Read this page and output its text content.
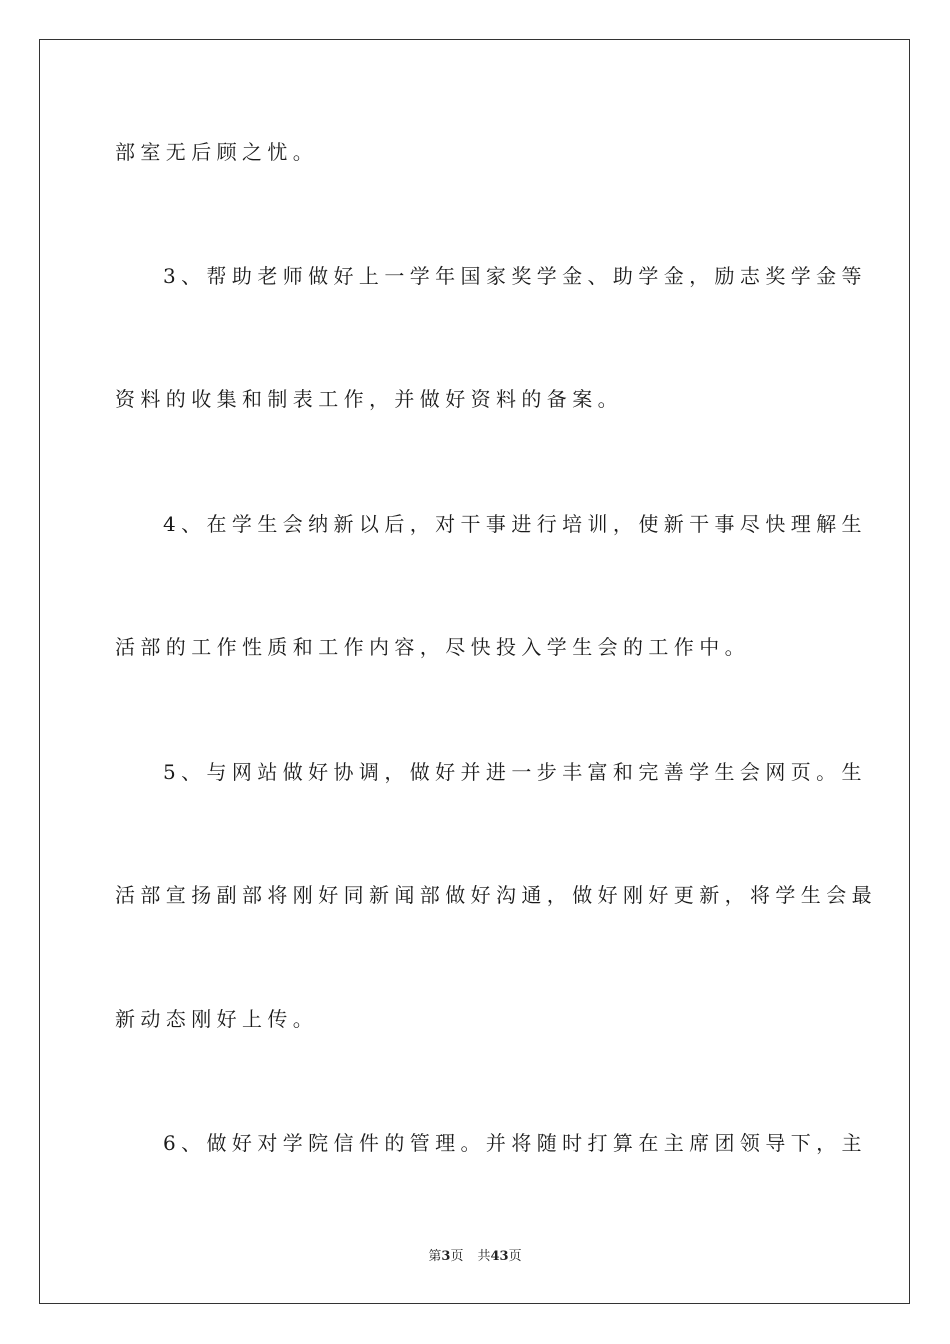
部室无后顾之忧。

3、帮助老师做好上一学年国家奖学金、助学金，励志奖学金等

资料的收集和制表工作，并做好资料的备案。

4、在学生会纳新以后，对干事进行培训，使新干事尽快理解生

活部的工作性质和工作内容，尽快投入学生会的工作中。

5、与网站做好协调，做好并进一步丰富和完善学生会网页。生

活部宣扬副部将刚好同新闻部做好沟通，做好刚好更新，将学生会最

新动态刚好上传。

6、做好对学院信件的管理。并将随时打算在主席团领导下，主

第3页 共43页
